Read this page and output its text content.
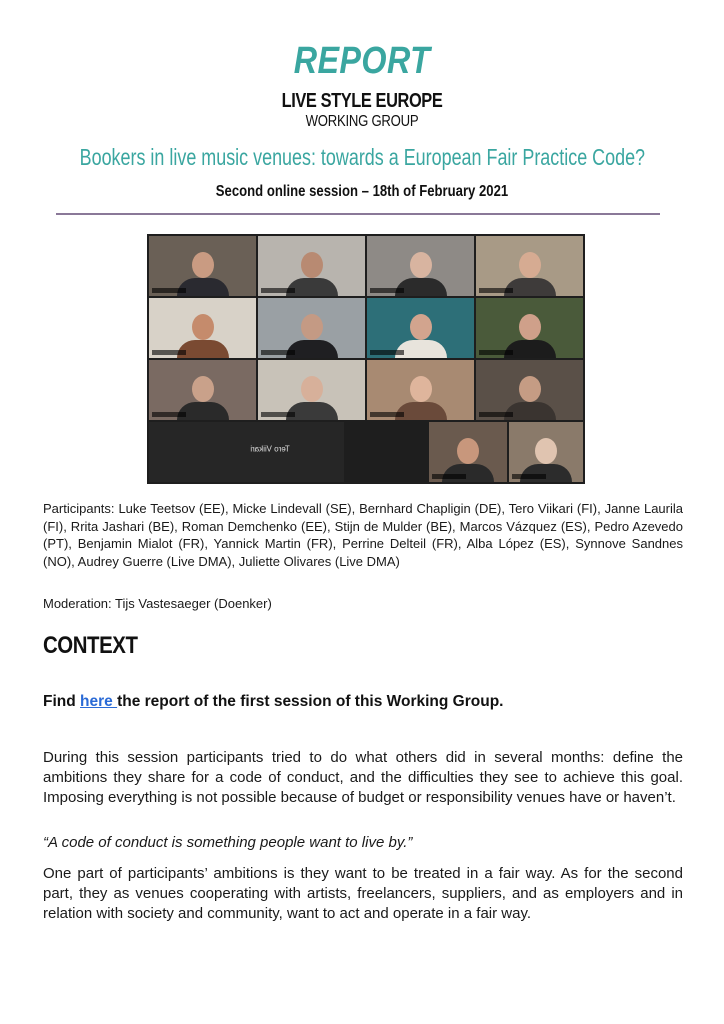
REPORT
LIVE STYLE EUROPE
WORKING GROUP
Bookers in live music venues: towards a European Fair Practice Code?
Second online session – 18th of February 2021
Tero Viikari
Participants: Luke Teetsov (EE), Micke Lindevall (SE), Bernhard Chapligin (DE), Tero Viikari (FI), Janne Laurila (FI), Rrita Jashari (BE), Roman Demchenko (EE), Stijn de Mulder (BE), Marcos Vázquez (ES), Pedro Azevedo (PT), Benjamin Mialot (FR), Yannick Martin (FR), Perrine Delteil (FR), Alba López (ES), Synnove Sandnes (NO), Audrey Guerre (Live DMA), Juliette Olivares (Live DMA)
Moderation: Tijs Vastesaeger (Doenker)
CONTEXT
Find here the report of the first session of this Working Group.
During this session participants tried to do what others did in several months: define the ambitions they share for a code of conduct, and the difficulties they see to achieve this goal. Imposing everything is not possible because of budget or responsibility venues have or haven’t.
“A code of conduct is something people want to live by.”
One part of participants’ ambitions is they want to be treated in a fair way. As for the second part, they as venues cooperating with artists, freelancers, suppliers, and as employers and in relation with society and community, want to act and operate in a fair way.
